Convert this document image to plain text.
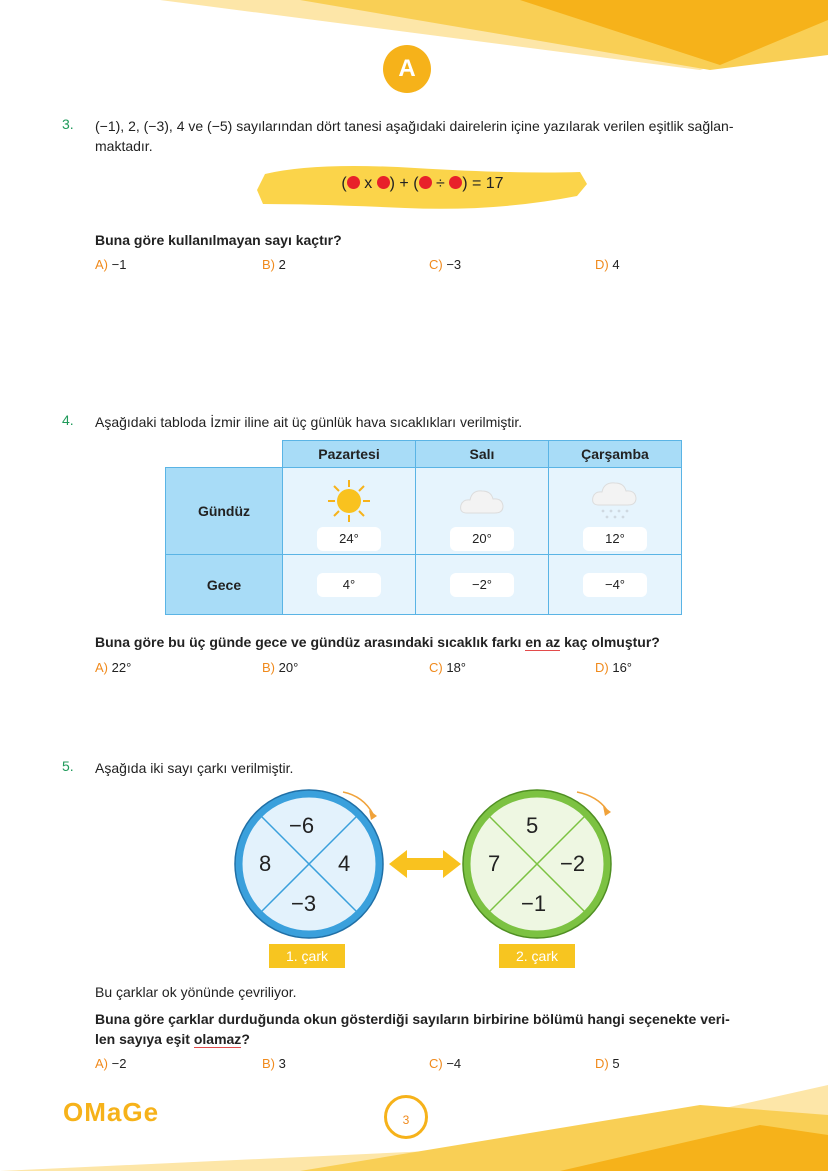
A
3. (−1), 2, (−3), 4 ve (−5) sayılarından dört tanesi aşağıdaki dairelerin içine yazılarak verilen eşitlik sağlan-
maktadır.
( x ) + ( ÷ ) = 17
Buna göre kullanılmayan sayı kaçtır?
A) −1	B) 2	C) −3	D) 4
4. Aşağıdaki tabloda İzmir iline ait üç günlük hava sıcaklıkları verilmiştir.
	Pazartesi	Salı	Çarşamba
Gündüz	24°	20°	12°
Gece	4°	−2°	−4°
Buna göre bu üç günde gece ve gündüz arasındaki sıcaklık farkı en az kaç olmuştur?
A) 22°	B) 20°	C) 18°	D) 16°
5. Aşağıda iki sayı çarkı verilmiştir.
−6
8	4
−3
5
7	−2
−1
1. çark	2. çark
Bu çarklar ok yönünde çevriliyor.
Buna göre çarklar durduğunda okun gösterdiği sayıların birbirine bölümü hangi seçenekte veri-
len sayıya eşit olamaz?
A) −2	B) 3	C) −4	D) 5
OMaGe	3
